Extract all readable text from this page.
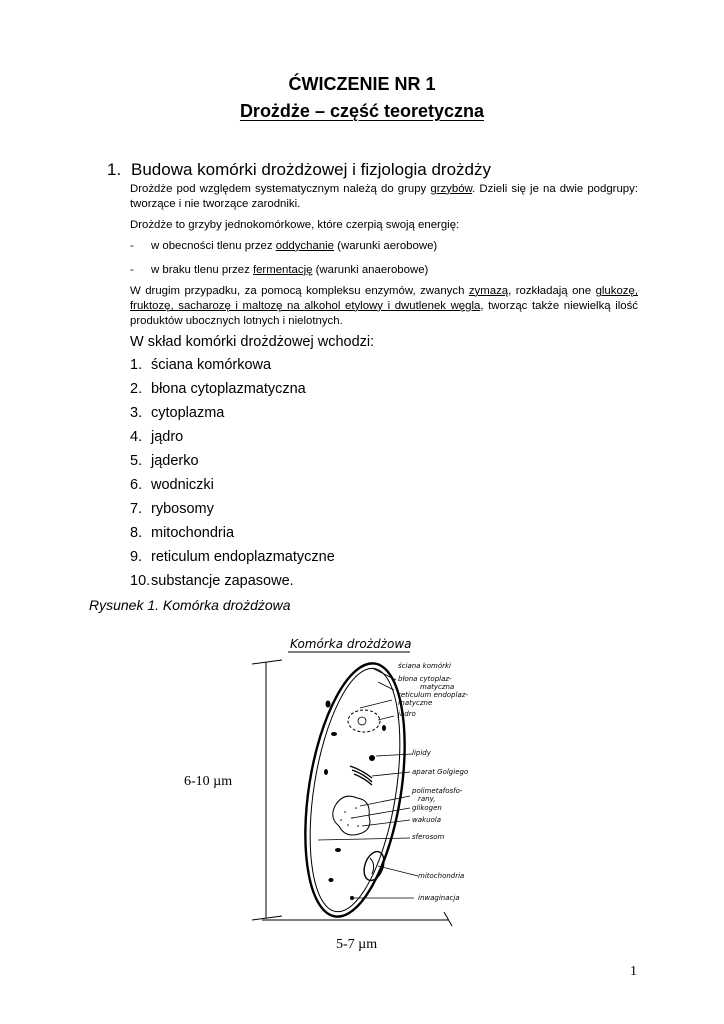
ĆWICZENIE NR 1
Drożdże – część teoretyczna
1. Budowa komórki drożdżowej i fizjologia drożdży

Drożdże pod względem systematycznym należą do grupy grzybów. Dzieli się je na dwie podgrupy: tworzące i nie tworzące zarodniki.

Drożdże to grzyby jednokomórkowe, które czerpią swoją energię:

- w obecności tlenu przez oddychanie (warunki aerobowe)
- w braku tlenu przez fermentację (warunki anaerobowe)

W drugim przypadku, za pomocą kompleksu enzymów, zwanych zymazą, rozkładają one glukozę, fruktozę, sacharozę i maltozę na alkohol etylowy i dwutlenek węgla, tworząc także niewielką ilość produktów ubocznych lotnych i nielotnych.

W skład komórki drożdżowej wchodzi:
1. ściana komórkowa
2. błona cytoplazmatyczna
3. cytoplazma
4. jądro
5. jąderko
6. wodniczki
7. rybosomy
8. mitochondria
9. reticulum endoplazmatyczne
10.substancje zapasowe.
Rysunek 1. Komórka drożdżowa
Komórka drożdżowa
ściana komórki
błona cytoplaz-
matyczna
reticulum endoplaz-
matyczne
jądro
lipidy
aparat Golgiego
polimetafosfo-
rany,
glikogen
wakuola
sferosom
mitochondria
inwaginacja
6-10 µm
5-7 µm
1
